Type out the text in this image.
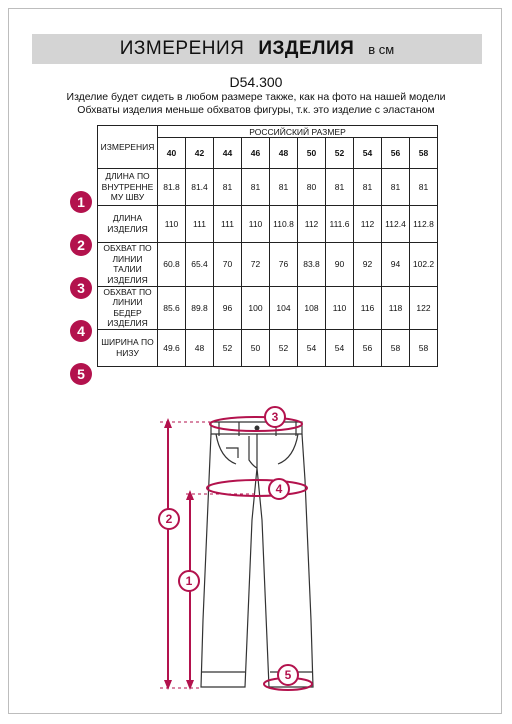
ИЗМЕРЕНИЯ ИЗДЕЛИЯ в см
D54.300
Изделие будет сидеть в любом размере также, как на фото на нашей модели
Обхваты изделия меньше обхватов фигуры, т.к. это изделие с эластаном
ИЗМЕРЕНИЯ	РОССИЙСКИЙ РАЗМЕР									
	40	42	44	46	48	50	52	54	56	58
ДЛИНА ПО ВНУТРЕННЕ МУ ШВУ	81.8	81.4	81	81	81	80	81	81	81	81
ДЛИНА ИЗДЕЛИЯ	110	111	111	110	110.8	112	111.6	112	112.4	112.8
ОБХВАТ ПО ЛИНИИ ТАЛИИ ИЗДЕЛИЯ	60.8	65.4	70	72	76	83.8	90	92	94	102.2
ОБХВАТ ПО ЛИНИИ БЕДЕР ИЗДЕЛИЯ	85.6	89.8	96	100	104	108	110	116	118	122
ШИРИНА ПО НИЗУ	49.6	48	52	50	52	54	54	56	58	58
1
2
3
4
5
3
4
2
1
5
